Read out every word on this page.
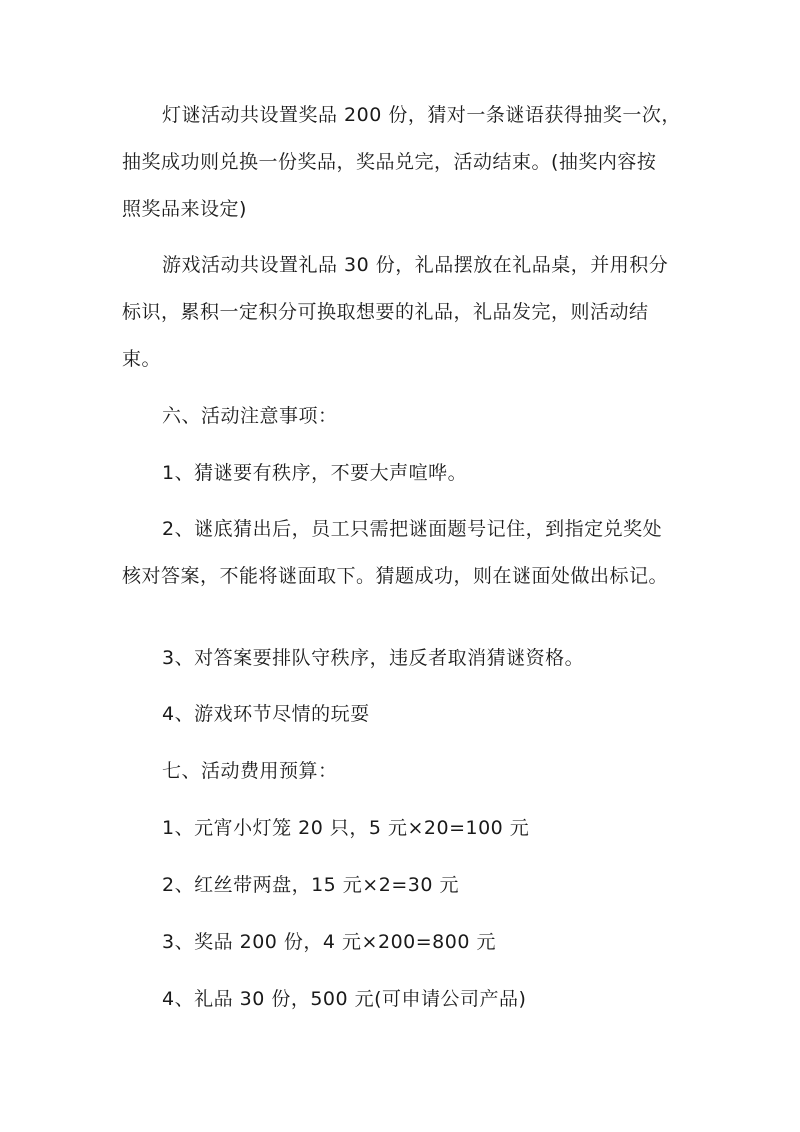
灯谜活动共设置奖品 200 份，猜对一条谜语获得抽奖一次，
抽奖成功则兑换一份奖品，奖品兑完，活动结束。(抽奖内容按
照奖品来设定)
游戏活动共设置礼品 30 份，礼品摆放在礼品桌，并用积分
标识，累积一定积分可换取想要的礼品，礼品发完，则活动结
束。
六、活动注意事项：
1、猜谜要有秩序，不要大声喧哗。
2、谜底猜出后，员工只需把谜面题号记住，到指定兑奖处
核对答案，不能将谜面取下。猜题成功，则在谜面处做出标记。
3、对答案要排队守秩序，违反者取消猜谜资格。
4、游戏环节尽情的玩耍
七、活动费用预算：
1、元宵小灯笼 20 只，5 元×20=100 元
2、红丝带两盘，15 元×2=30 元
3、奖品 200 份，4 元×200=800 元
4、礼品 30 份，500 元(可申请公司产品)
